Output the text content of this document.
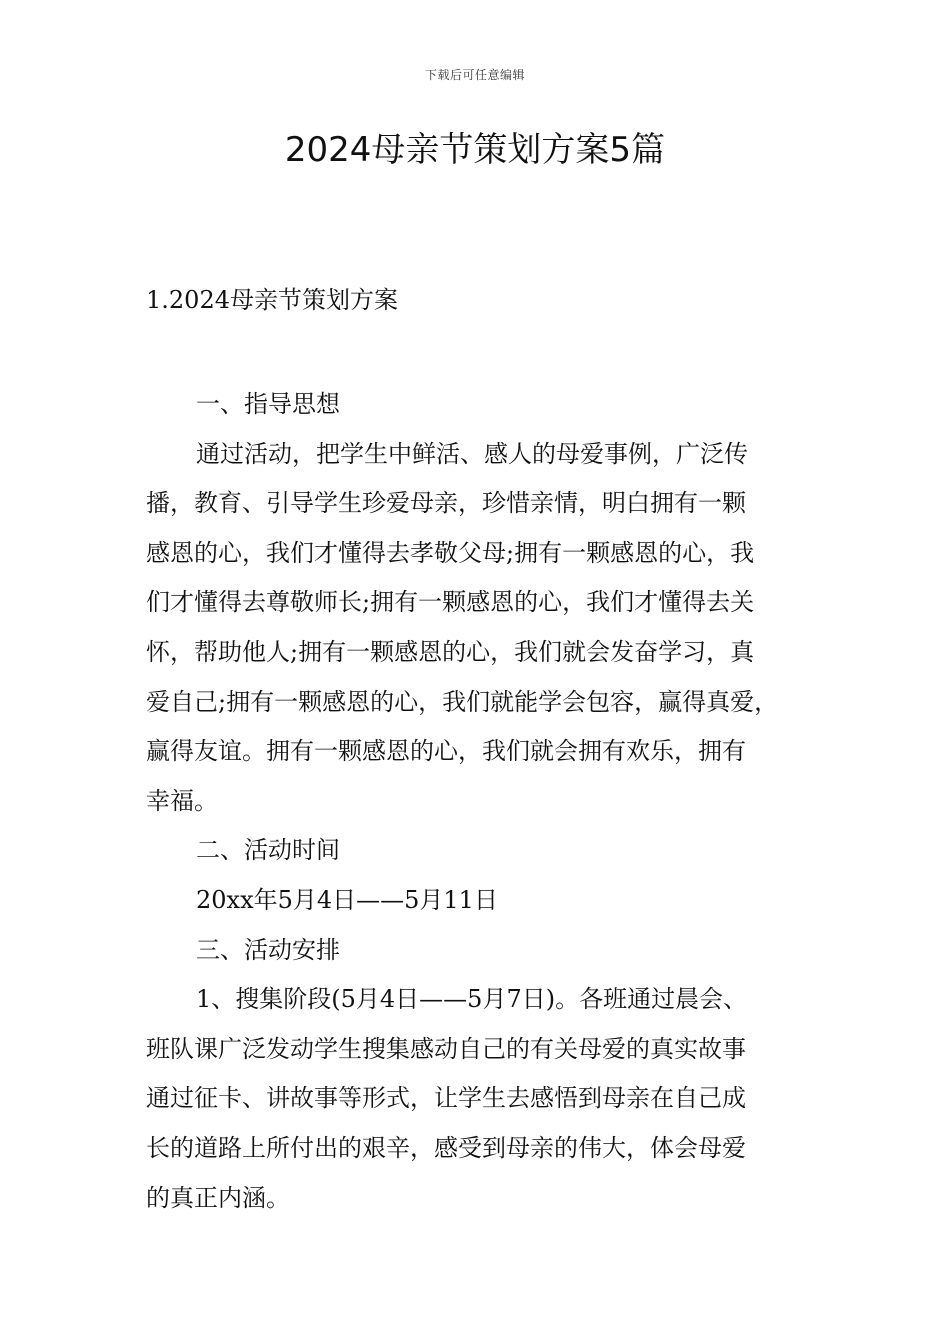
下载后可任意编辑
2024母亲节策划方案5篇
1.2024母亲节策划方案
一、指导思想
通过活动，把学生中鲜活、感人的母爱事例，广泛传
播，教育、引导学生珍爱母亲，珍惜亲情，明白拥有一颗
感恩的心，我们才懂得去孝敬父母;拥有一颗感恩的心，我
们才懂得去尊敬师长;拥有一颗感恩的心，我们才懂得去关
怀，帮助他人;拥有一颗感恩的心，我们就会发奋学习，真
爱自己;拥有一颗感恩的心，我们就能学会包容，赢得真爱，
赢得友谊。拥有一颗感恩的心，我们就会拥有欢乐，拥有
幸福。
二、活动时间
20xx年5月4日——5月11日
三、活动安排
1、搜集阶段(5月4日——5月7日)。各班通过晨会、
班队课广泛发动学生搜集感动自己的有关母爱的真实故事
通过征卡、讲故事等形式，让学生去感悟到母亲在自己成
长的道路上所付出的艰辛，感受到母亲的伟大，体会母爱
的真正内涵。
